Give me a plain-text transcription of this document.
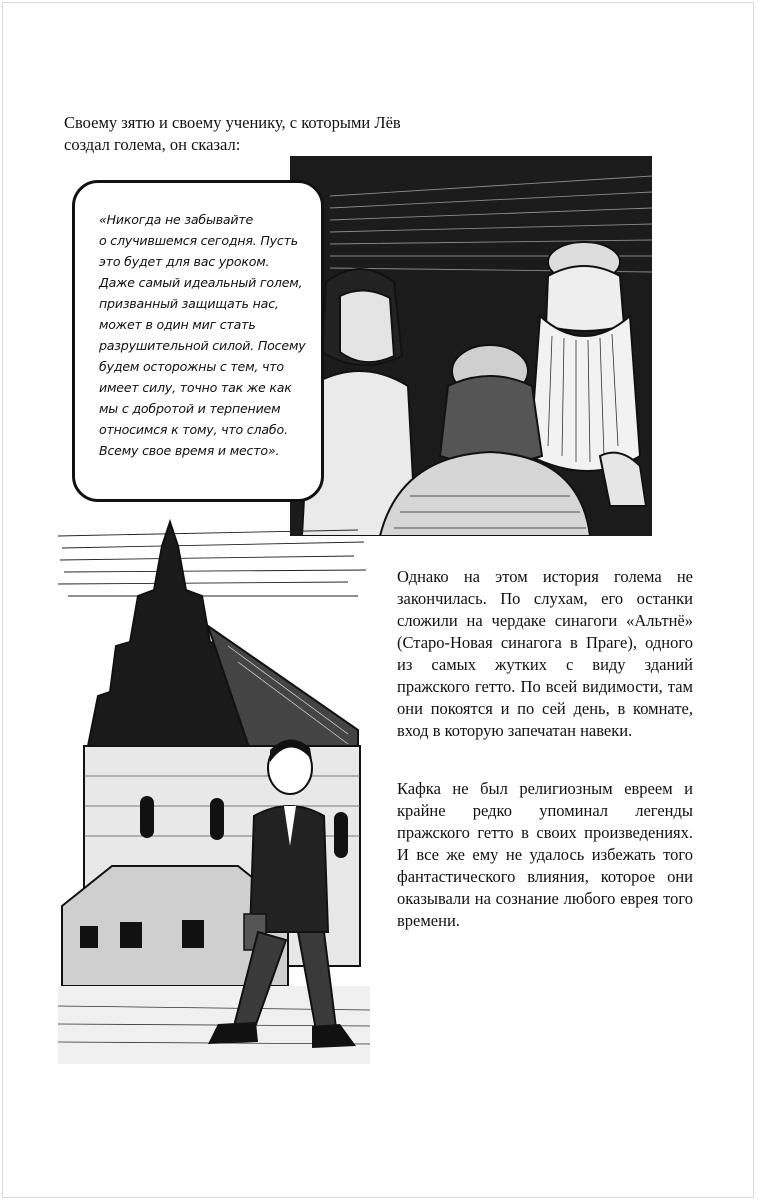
Своему зятю и своему ученику, с которыми Лёв создал голема, он сказал:

«Никогда не забывайте
о случившемся сегодня. Пусть
это будет для вас уроком.
Даже самый идеальный голем,
призванный защищать нас,
может в один миг стать
разрушительной силой. Посему
будем осторожны с тем, что
имеет силу, точно так же как
мы с добротой и терпением
относимся к тому, что слабо.
Всему свое время и место».

Однако на этом история голема не закончилась. По слухам, его останки сложили на чердаке синагоги «Альтнё» (Старо-Новая синагога в Праге), одного из самых жутких с виду зданий пражского гетто. По всей видимости, там они покоятся и по сей день, в комнате, вход в которую запечатан навеки.

Кафка не был религиозным евреем и крайне редко упоминал легенды пражского гетто в своих произведениях. И все же ему не удалось избежать того фантастического влияния, которое они оказывали на сознание любого еврея того времени.
